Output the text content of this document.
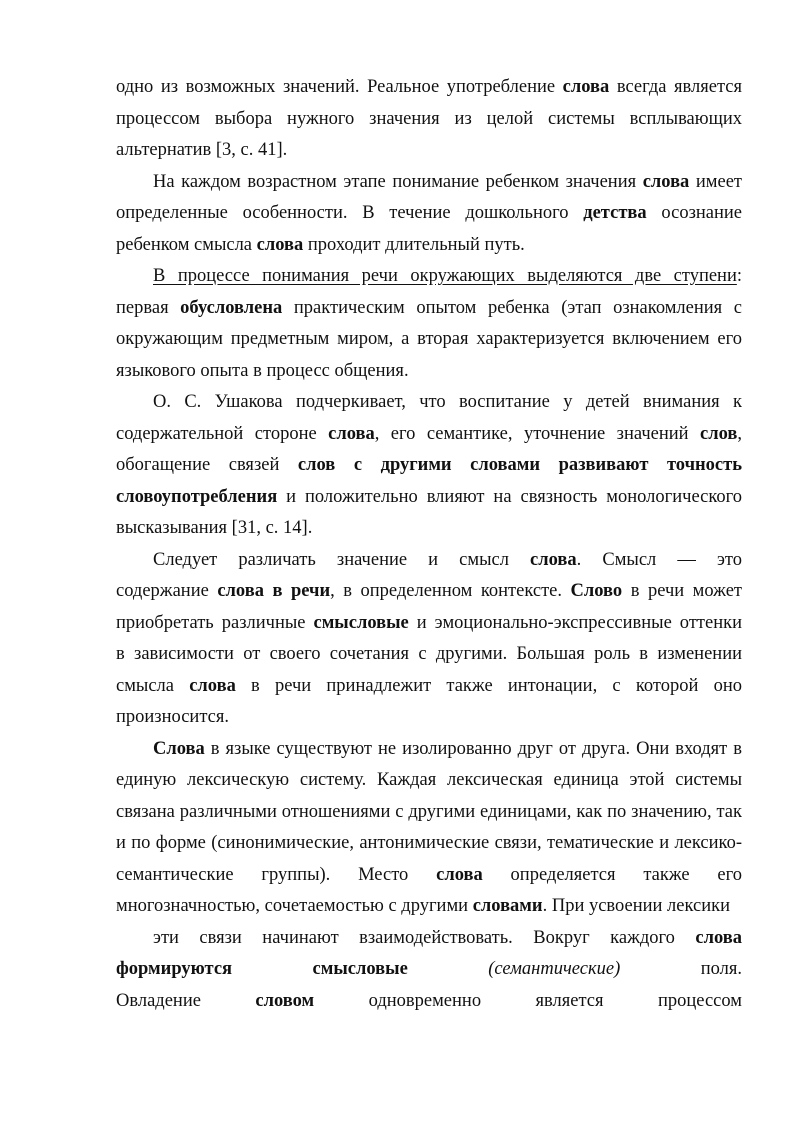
одно из возможных значений. Реальное употребление слова всегда является
процессом выбора нужного значения из целой системы всплывающих
альтернатив [3, с. 41].
На каждом возрастном этапе понимание ребенком значения слова имеет
определенные особенности. В течение дошкольного детства осознание
ребенком смысла слова проходит длительный путь.
В процессе понимания речи окружающих выделяются две ступени:
первая обусловлена практическим опытом ребенка (этап ознакомления с
окружающим предметным миром, а вторая характеризуется включением его
языкового опыта в процесс общения.
О. С. Ушакова подчеркивает, что воспитание у детей внимания к
содержательной стороне слова, его семантике, уточнение значений слов,
обогащение связей слов с другими словами развивают точность
словоупотребления и положительно влияют на связность монологического
высказывания [31, с. 14].
Следует различать значение и смысл слова. Смысл — это
содержание слова в речи, в определенном контексте. Слово в речи может
приобретать различные смысловые и эмоционально-экспрессивные оттенки
в зависимости от своего сочетания с другими. Большая роль в изменении
смысла слова в речи принадлежит также интонации, с которой оно
произносится.
Слова в языке существуют не изолированно друг от друга. Они входят в
единую лексическую систему. Каждая лексическая единица этой системы
связана различными отношениями с другими единицами, как по значению, так
и по форме (синонимические, антонимические связи, тематические и лексико-
семантические группы). Место слова определяется также его
многозначностью, сочетаемостью с другими словами. При усвоении лексики
эти связи начинают взаимодействовать. Вокруг каждого слова
формируются	смысловые	(семантические) поля.
Овладение словом одновременно является процессом
